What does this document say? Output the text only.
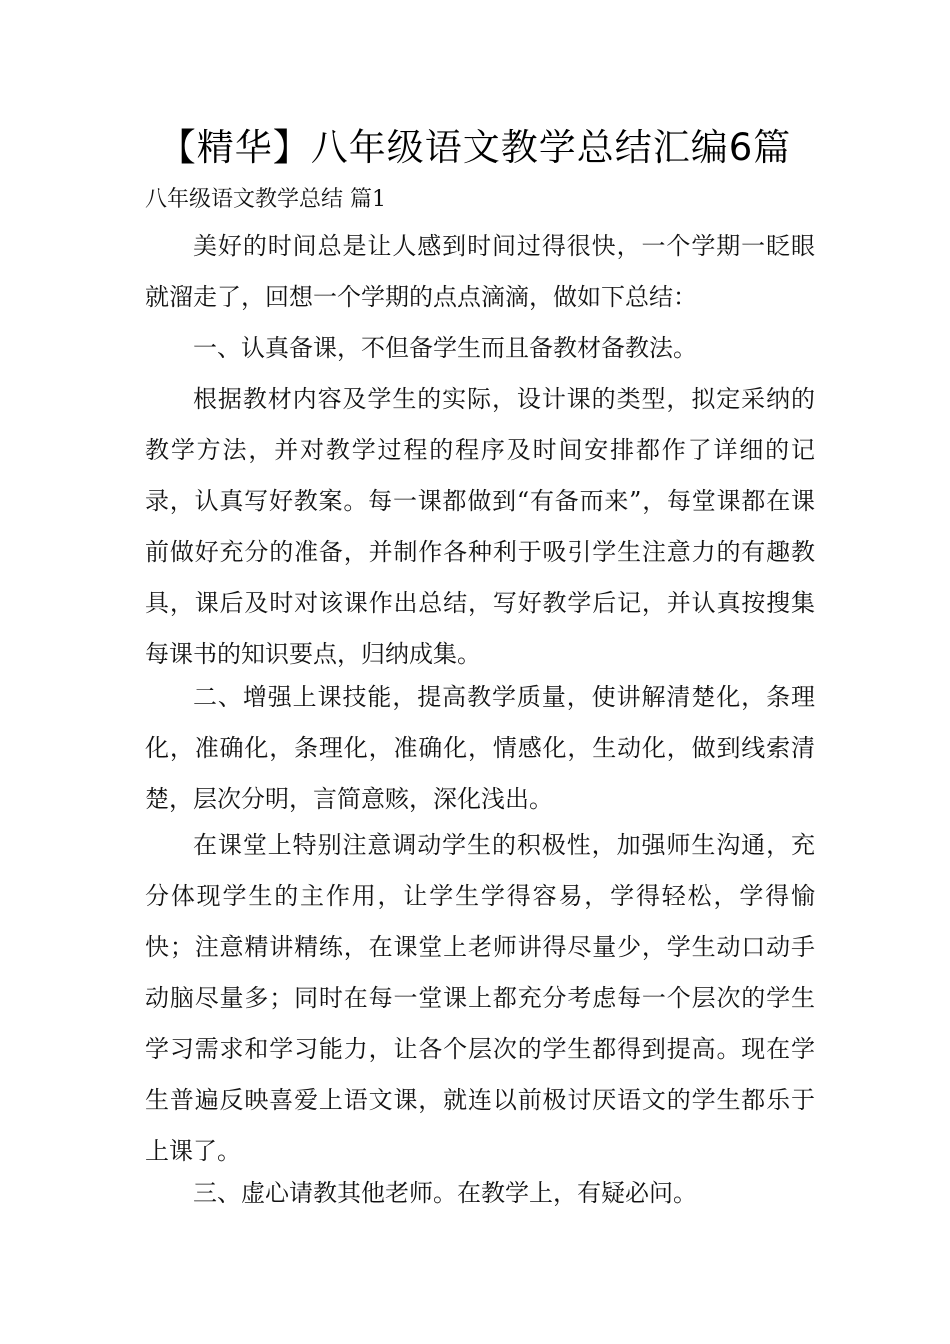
【精华】八年级语文教学总结汇编6篇
八年级语文教学总结 篇1

美好的时间总是让人感到时间过得很快，一个学期一眨眼就溜走了，回想一个学期的点点滴滴，做如下总结：

一、认真备课，不但备学生而且备教材备教法。

根据教材内容及学生的实际，设计课的类型，拟定采纳的教学方法，并对教学过程的程序及时间安排都作了详细的记录，认真写好教案。每一课都做到“有备而来”，每堂课都在课前做好充分的准备，并制作各种利于吸引学生注意力的有趣教具，课后及时对该课作出总结，写好教学后记，并认真按搜集每课书的知识要点，归纳成集。

二、增强上课技能，提高教学质量，使讲解清楚化，条理化，准确化，条理化，准确化，情感化，生动化，做到线索清楚，层次分明，言简意赅，深化浅出。

在课堂上特别注意调动学生的积极性，加强师生沟通，充分体现学生的主作用，让学生学得容易，学得轻松，学得愉快；注意精讲精练，在课堂上老师讲得尽量少，学生动口动手动脑尽量多；同时在每一堂课上都充分考虑每一个层次的学生学习需求和学习能力，让各个层次的学生都得到提高。现在学生普遍反映喜爱上语文课，就连以前极讨厌语文的学生都乐于上课了。

三、虚心请教其他老师。在教学上，有疑必问。
